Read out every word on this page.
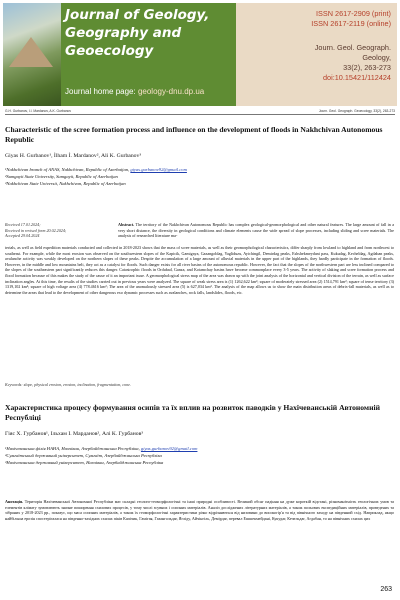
Journal of Geology,
Geography and
Geoecology
Journal home page: geology-dnu.dp.ua
ISSN 2617-2909 (print)
ISSN 2617-2119 (online)
Journ. Geol. Geograph.
Geology,
33(2), 263-273
doi:10.15421/112424
G.H. Gurbanov, I.I. Mardanov, A.K. Gurbanov	Journ. Geol. Geograph. Geoecology, 33(2), 263-273
Characteristic of the scree formation process and influence on the development of floods in Nakhchivan Autonomous Republic
Giyas H. Gurbanov¹, İlham İ. Mardanov², Ali K. Gurbanov³
¹Nakhchivan branch of ANAS, Nakhchivan, Republic of Azerbaijan, giyas.gurbanov92@gmail.com
²Sumgayit State University, Sumgayit, Republic of Azerbaijan
³Nakhchivan State Universit, Nakhchivan, Republic of Azerbaijan
Received 17.01.2024;
Received in revised form 20.02.2024;
Accepted 29.04.2024
Abstract. The territory of the Nakhchivan Autonomous Republic has complex geological-geomorphological and other natural features. The large amount of fall in a very short distance, the diversity in geological conditions and climate elements cause the wide spread of slope processes, including sliding and scree materials. The analysis of researched literature ma-
terials, as well as field expedition materials conducted and collected in 2018-2023 shows that the mass of scree materials, as well as their geomorphological characteristics, differ sharply from lowland to highland and from northwest to southeast. For example, while the most erosion was observed on the southwestern slopes of the Kapicik, Gamigaya, Gazangoldag, Yagliduzu, Ayichingil, Demirdag peaks, Eshshekmeydani pass, Kukudag, Kecheldag, Agdaban peaks, avalanche activity was weakly developed on the northern slopes of these peaks. Despite the accumulation of a large amount of alluvial materials in the upper part of the highlands, they hardly participate in the formation of floods. However, in the middle and low mountains belt, they act as a catalyst for floods. Such danger exists for all river basins of the autonomous republic. However, the fact that the slopes of the northwestern part are less inclined compared to the slopes of the southeastern part significantly reduces this danger. Catastrophic floods in Ordubad, Ganza, and Kotamchay basins have become commonplace every 3-5 years. The activity of slaking and scree formation process and flood formation because of this makes the study of the cause of it an important issue. A geomorphological stress map of the area was drawn up with the joint analysis of the horizontal and vertical division of the terrain, as well as surface inclination angles. At this time, the results of the studies carried out in previous years were analyzed. The square of weak stress area is (1) 1262,622 km²; square of moderately stressed area (2) 1514,791 km²; square of tense territory (3) 1319,102 km²; square of high voltage area (4) 778.4616 km²; The area of the anomalously stressed area (5) is 627,034 km². The analysis of the map allows us to show the main distribution areas of debris-fall materials, as well as to determine the areas that lead to the development of other dangerous exo dynamic processes such as avalanches, rock falls, landslides, floods, etc.
Keywords: slope, physical erosion, erosion, inclination, fragmentation, cone.
Характеристика процесу формування осипів та їх вплив на розвиток паводків у Нахічеванській Автономній Республіці
Гіяс Х. Гурбанов¹, Ільхам І. Марданов², Алі К. Гурбанов³
¹Нахічеванська філія НАНА, Нахчіван, Азербайджанська Республіка, giyas.gurbanov92@gmail.com
²Сумгаїтський державний університет, Сумгаїт, Азербайджанська Республіка
³Нахічеванська державний університет, Нахчіван, Азербайджанська Республіка
Анотація. Територія Нахічеванської Автономної Республіки має складні геолого-геоморфологічні та інші природні особливості. Великий обсяг падіння на дуже короткій відстані, різноманітність геологічних умов та елементів клімату зумовлюють значне поширення схилових процесів, у тому числі зсувних і осипних матеріалів. Аналіз досліджених літературних матеріалів, а також польових експедиційних матеріалів, проведених та зібраних у 2018-2023 рр., показує, що маса осипних матеріалів, а також їх геоморфологічні характеристики різко відрізняються від низовини до високогір'я та від північного заходу на південний схід. Наприклад, якщо найбільша ерозія спостерігалася на південно-західних схилах піків Капічик, Гамігая, Газангольдаг, Ягліду, Айчінгіль, Демірдаг, перевал Ешшекмейдані, Кукудаг, Кечельдаг, Агдабан, то на північних схилах цих
263
